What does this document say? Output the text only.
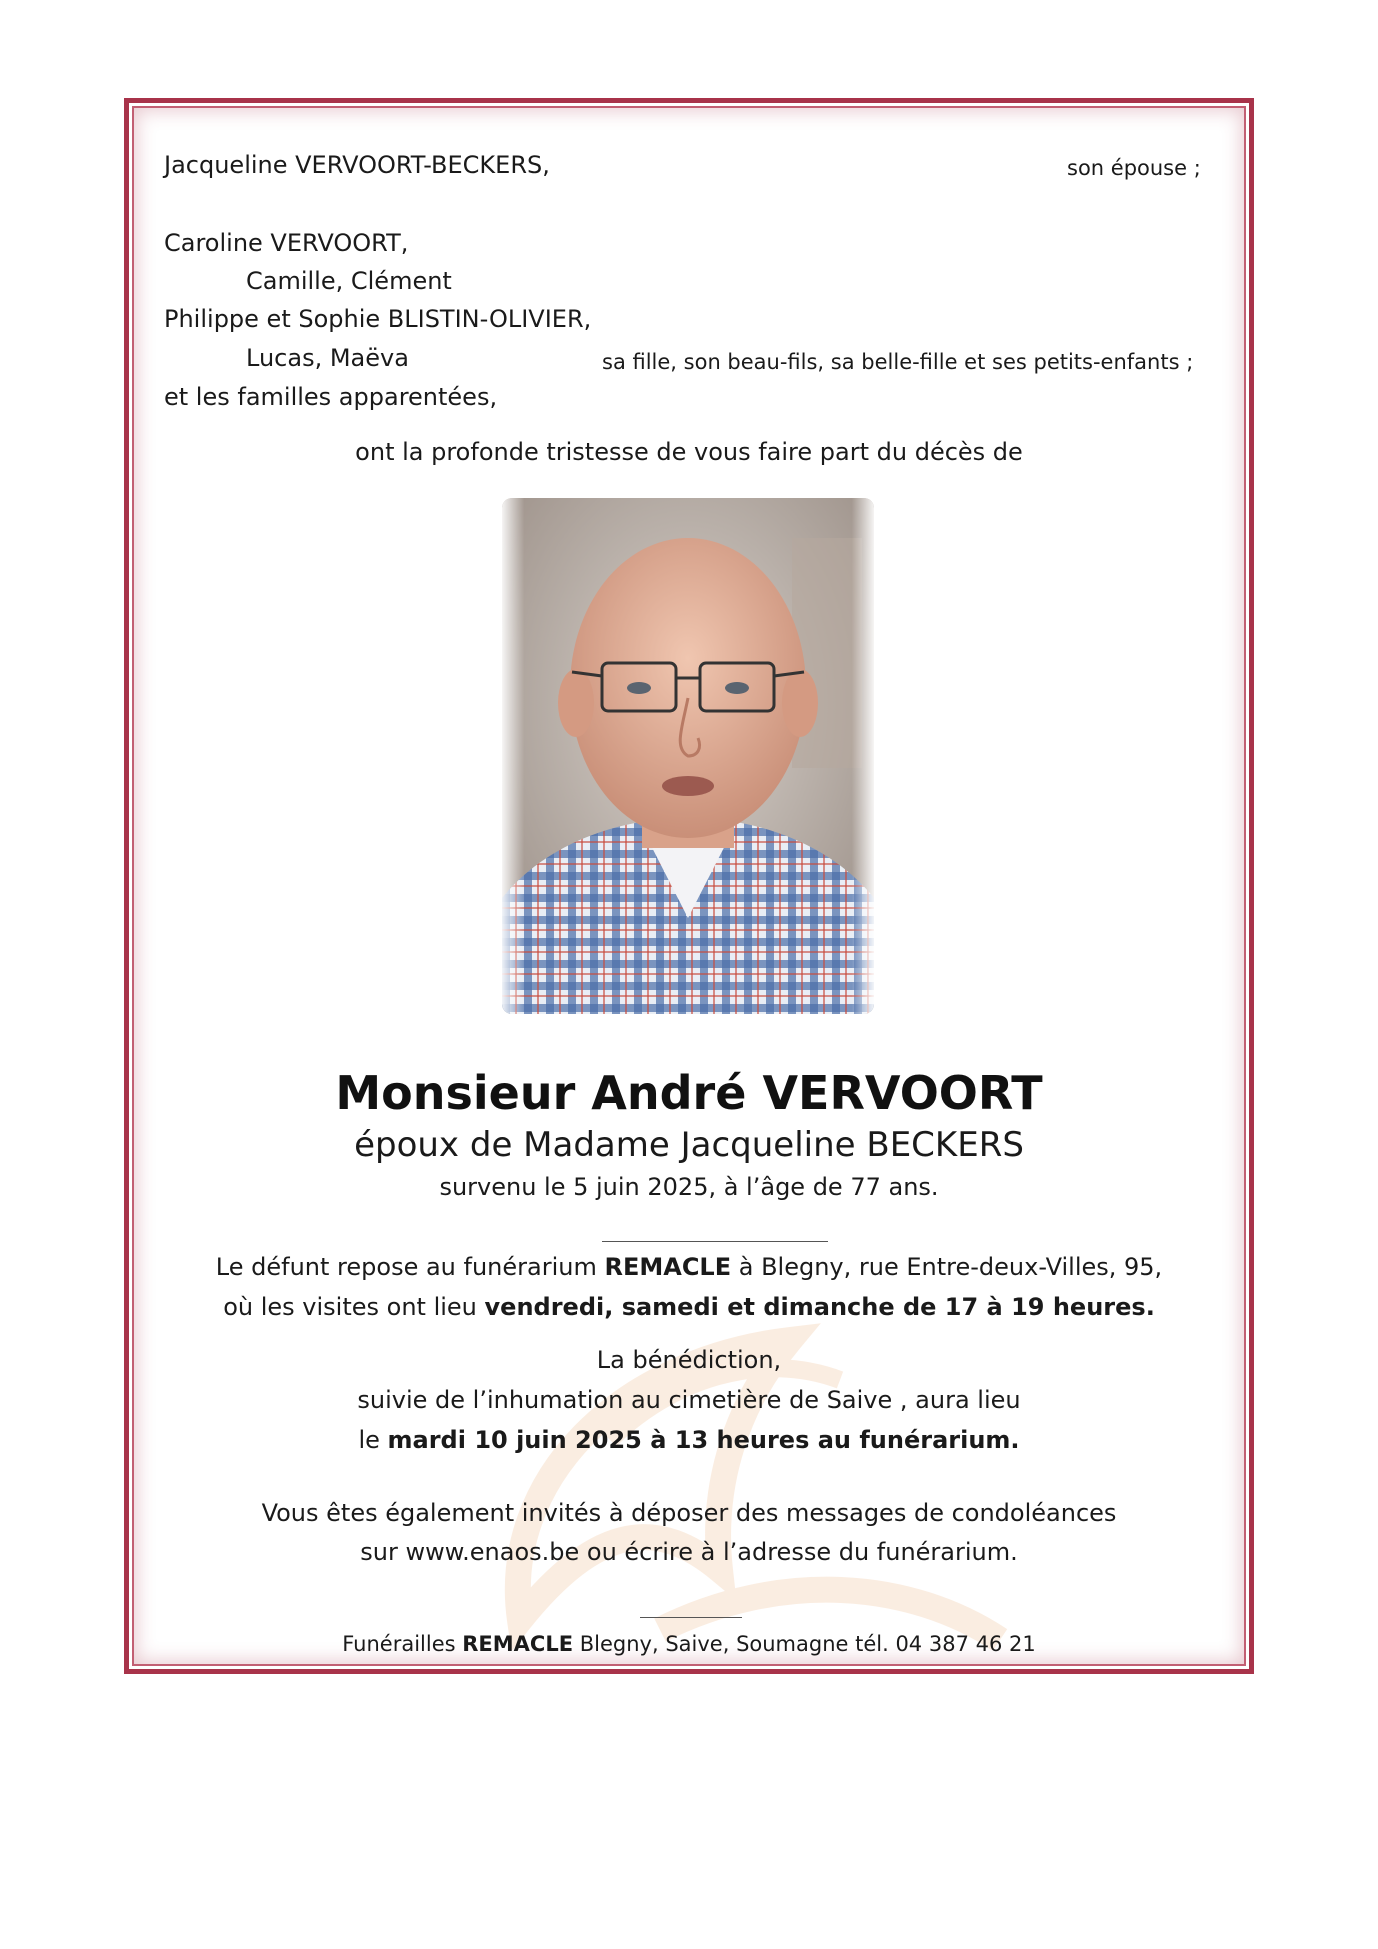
Jacqueline VERVOORT-BECKERS,	son épouse ;
Caroline VERVOORT,
Camille, Clément
Philippe et Sophie BLISTIN-OLIVIER,
Lucas, Maëva	sa fille, son beau-fils, sa belle-fille et ses petits-enfants ;
et les familles apparentées,
ont la profonde tristesse de vous faire part du décès de
Monsieur André VERVOORT
époux de Madame Jacqueline BECKERS
survenu le 5 juin 2025, à l’âge de 77 ans.
Le défunt repose au funérarium REMACLE à Blegny, rue Entre-deux-Villes, 95,
où les visites ont lieu vendredi, samedi et dimanche de 17 à 19 heures.
La bénédiction,
suivie de l’inhumation au cimetière de Saive , aura lieu
le mardi 10 juin 2025 à 13 heures au funérarium.
Vous êtes également invités à déposer des messages de condoléances
sur www.enaos.be ou écrire à l’adresse du funérarium.
Funérailles REMACLE Blegny, Saive, Soumagne tél. 04 387 46 21
